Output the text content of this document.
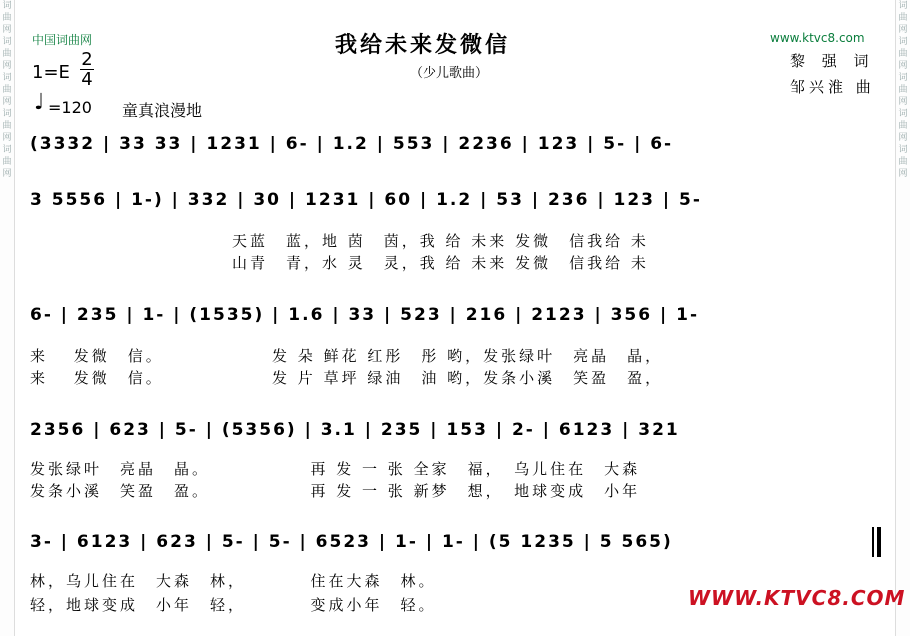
词
曲
网
词
曲
网
词
曲
网
词
曲
网
词
曲
网
词
曲
网
词
曲
网
词
曲
网
词
曲
网
词
曲
网
中国词曲网	www.ktvc8.com
我给未来发微信
（少儿歌曲）
1=E
2
4
♩ =120 童真浪漫地
黎 强 词
邹兴淮 曲
(3332 | 33 33 | 1231 | 6- | 1.2 | 553 | 2236 | 123 | 5- | 6-
3 5556 | 1-) | 332 | 30 | 1231 | 60 | 1.2 | 53 | 236 | 123 | 5-
天蓝　蓝，地 茵　茵，我 给 未来 发微　信我给 未
山青　青，水 灵　灵，我 给 未来 发微　信我给 未
6- | 235 | 1- | (1535) | 1.6 | 33 | 523 | 216 | 2123 | 356 | 1-
来　 发微　信。　　　　　　 发 朵 鲜花 红彤　彤 哟，发张绿叶　亮晶　晶，
来　 发微　信。　　　　　　 发 片 草坪 绿油　油 哟，发条小溪　笑盈　盈，
2356 | 623 | 5- | (5356) | 3.1 | 235 | 153 | 2- | 6123 | 321
发张绿叶　亮晶　晶。　　　　　　再 发 一 张 全家　福，　乌儿住在　大森
发条小溪　笑盈　盈。　　　　　　再 发 一 张 新梦　想，　地球变成　小年
3- | 6123 | 623 | 5- | 5- | 6523 | 1- | 1- | (5 1235 | 5 565)
林，乌儿住在　大森　林，　　　　住在大森　林。
轻，地球变成　小年　轻，　　　　变成小年　轻。	WWW.KTVC8.COM
